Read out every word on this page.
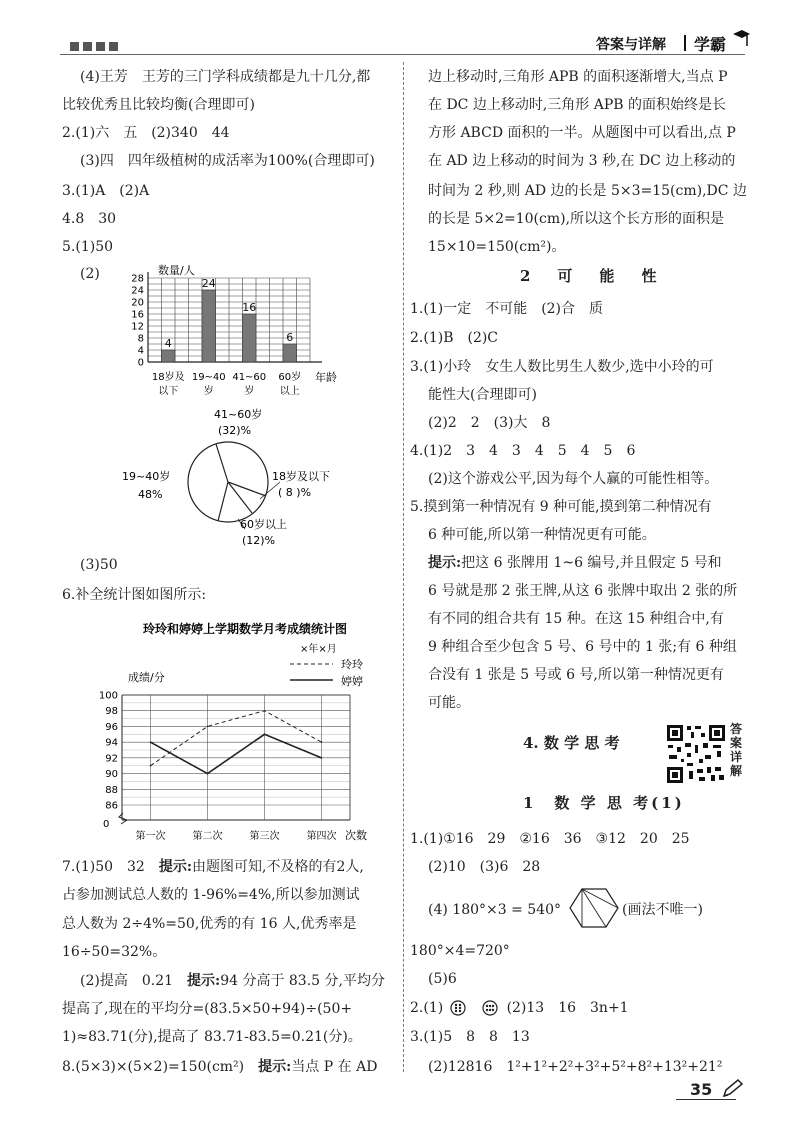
答案与详解 学霸
(4)王芳　王芳的三门学科成绩都是九十几分,都
比较优秀且比较均衡(合理即可)
2.(1)六　五　(2)340　44
(3)四　四年级植树的成活率为100%(合理即可)
3.(1)A　(2)A
4.8　30
5.(1)50
(2)
4
24
16
6
数量/人
年龄
0
4
8
12
16
20
24
28
18岁及
以下
19~40
岁
41~60
岁
60岁
以上
41~60岁
(32)%
19~40岁
48%
18岁及以下
( 8 )%
60岁以上
(12)%
(3)50
6.补全统计图如图所示:
玲玲和婷婷上学期数学月考成绩统计图
×年×月
玲玲
婷婷
成绩/分
次数
86
88
90
92
94
96
98
100
第一次	第二次	第三次	第四次
0
7.(1)50　32　提示:由题图可知,不及格的有2人,
占参加测试总人数的 1-96%=4%,所以参加测试
总人数为 2÷4%=50,优秀的有 16 人,优秀率是
16÷50=32%。
(2)提高　0.21　提示:94 分高于 83.5 分,平均分
提高了,现在的平均分=(83.5×50+94)÷(50+
1)≈83.71(分),提高了 83.71-83.5=0.21(分)。
8.(5×3)×(5×2)=150(cm²)　提示:当点 P 在 AD
边上移动时,三角形 APB 的面积逐渐增大,当点 P
在 DC 边上移动时,三角形 APB 的面积始终是长
方形 ABCD 面积的一半。从题图中可以看出,点 P
在 AD 边上移动的时间为 3 秒,在 DC 边上移动的
时间为 2 秒,则 AD 边的长是 5×3=15(cm),DC 边
的长是 5×2=10(cm),所以这个长方形的面积是
15×10=150(cm²)。
2　可　能　性
1.(1)一定　不可能　(2)合　质
2.(1)B　(2)C
3.(1)小玲　女生人数比男生人数少,选中小玲的可
能性大(合理即可)
(2)2　2　(3)大　8
4.(1)2　3　4　3　4　5　4　5　6
(2)这个游戏公平,因为每个人赢的可能性相等。
5.摸到第一种情况有 9 种可能,摸到第二种情况有
6 种可能,所以第一种情况更有可能。
提示:把这 6 张牌用 1~6 编号,并且假定 5 号和
6 号就是那 2 张王牌,从这 6 张牌中取出 2 张的所
有不同的组合共有 15 种。在这 15 种组合中,有
9 种组合至少包含 5 号、6 号中的 1 张;有 6 种组
合没有 1 张是 5 号或 6 号,所以第一种情况更有
可能。
4. 数 学 思 考
答案详解
1　数 学 思 考(1)
1.(1)①16　29　②16　36　③12　20　25
(2)10　(3)6　28
(4) 180°×3 = 540°	(画法不唯一)
180°×4=720°
(5)6
2.(1)	(2)13　16　3n+1
3.(1)5　8　8　13
(2)12816　1²+1²+2²+3²+5²+8²+13²+21²
35
